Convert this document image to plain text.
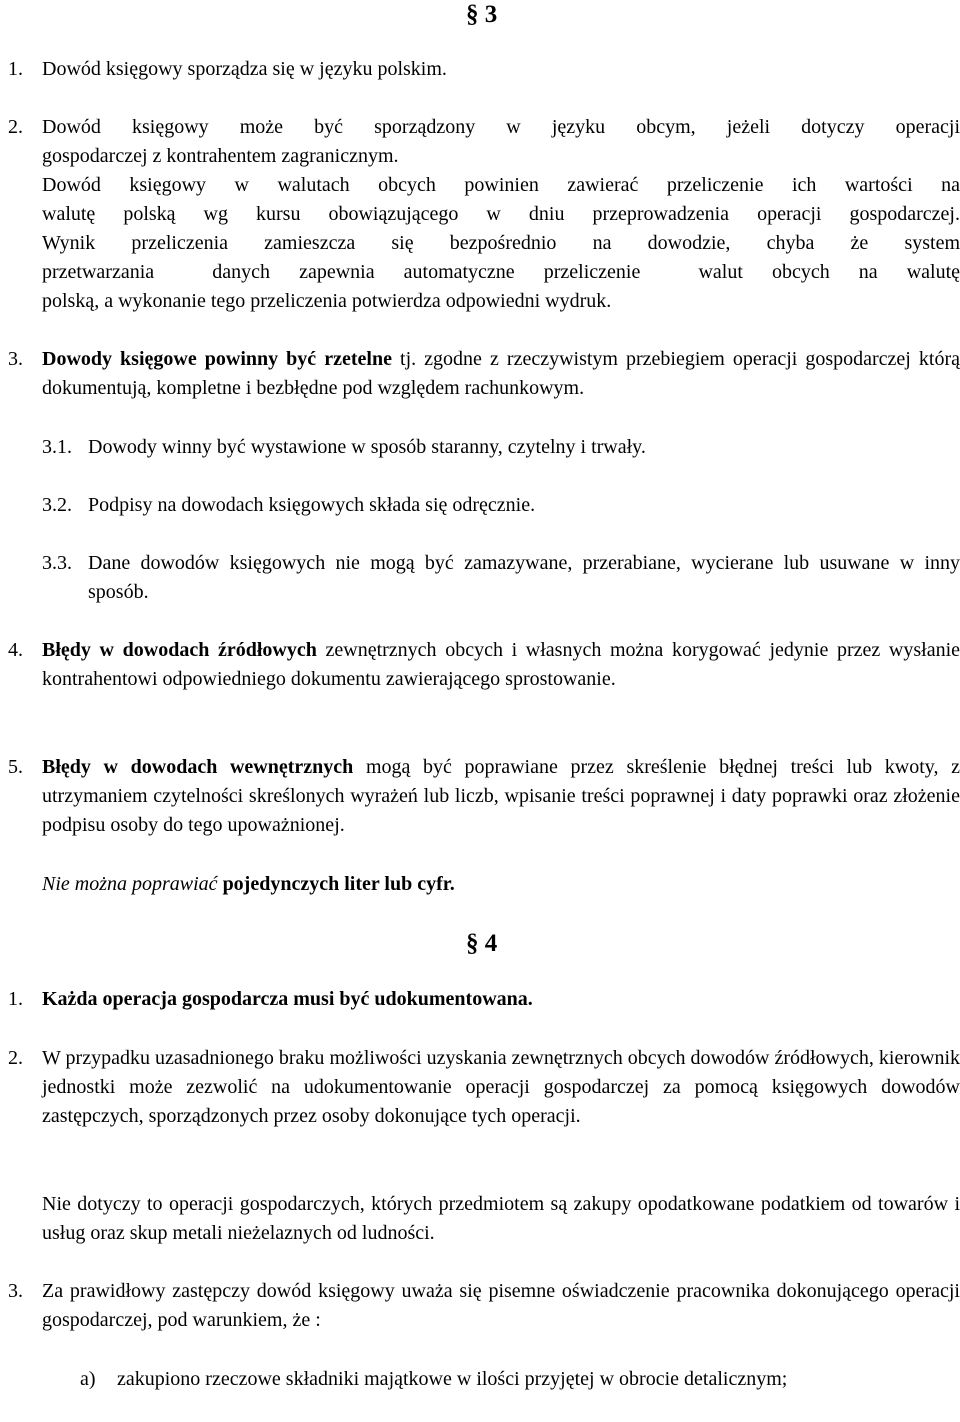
§ 3
1. Dowód księgowy sporządza się w języku polskim.

2. Dowód księgowy może być sporządzony w języku obcym, jeżeli dotyczy operacji
gospodarczej z kontrahentem zagranicznym.
Dowód księgowy w walutach obcych powinien zawierać przeliczenie ich wartości na
walutę polską wg kursu obowiązującego w dniu przeprowadzenia operacji gospodarczej.
Wynik przeliczenia zamieszcza się bezpośrednio na dowodzie, chyba że system
przetwarzania  danych zapewnia automatyczne przeliczenie  walut obcych na walutę
polską, a wykonanie tego przeliczenia potwierdza odpowiedni wydruk.
3. Dowody księgowe powinny być rzetelne tj. zgodne z rzeczywistym przebiegiem operacji gospodarczej którą dokumentują, kompletne i bezbłędne pod względem rachunkowym.

3.1. Dowody winny być wystawione w sposób staranny, czytelny i trwały.

3.2. Podpisy na dowodach księgowych składa się odręcznie.

3.3. Dane dowodów księgowych nie mogą być zamazywane, przerabiane, wycierane lub usuwane w inny sposób.

4. Błędy w dowodach źródłowych zewnętrznych obcych i własnych można korygować jedynie przez wysłanie kontrahentowi odpowiedniego dokumentu zawierającego sprostowanie.

5. Błędy w dowodach wewnętrznych mogą być poprawiane przez skreślenie błędnej treści lub kwoty, z utrzymaniem czytelności skreślonych wyrażeń lub liczb, wpisanie treści poprawnej i daty poprawki oraz złożenie podpisu osoby do tego upoważnionej.

Nie można poprawiać pojedynczych liter lub cyfr.

§ 4
1. Każda operacja gospodarcza musi być udokumentowana.

2. W przypadku uzasadnionego braku możliwości uzyskania zewnętrznych obcych dowodów źródłowych, kierownik jednostki może zezwolić na udokumentowanie operacji gospodarczej za pomocą księgowych dowodów zastępczych, sporządzonych przez osoby dokonujące tych operacji.

Nie dotyczy to operacji gospodarczych, których przedmiotem są zakupy opodatkowane podatkiem od towarów i usług oraz skup metali nieżelaznych od ludności.

3. Za prawidłowy zastępczy dowód księgowy uważa się pisemne oświadczenie pracownika dokonującego operacji gospodarczej, pod warunkiem, że :

a) zakupiono rzeczowe składniki majątkowe w ilości przyjętej w obrocie detalicznym;
